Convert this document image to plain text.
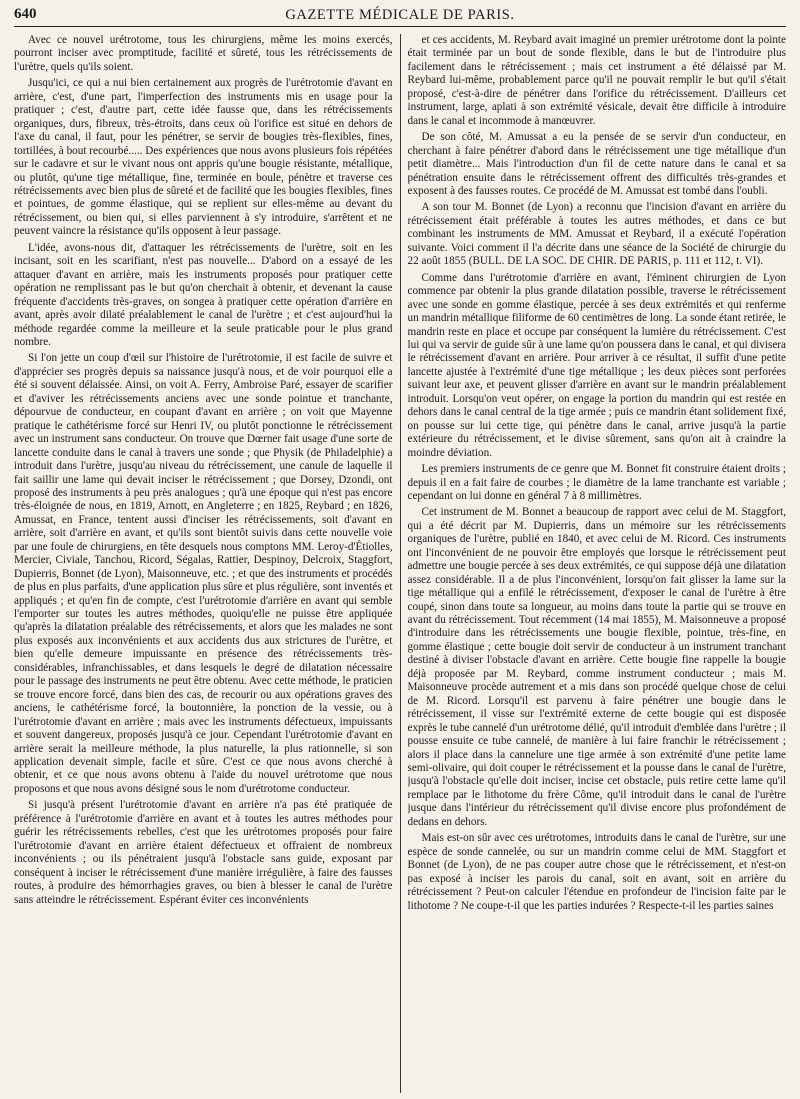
640	GAZETTE MÉDICALE DE PARIS.

Avec ce nouvel urétrotome, tous les chirurgiens, même les moins exercés, pourront inciser avec promptitude, facilité et sûreté, tous les rétrécissements de l'urètre, quels qu'ils soient.

Jusqu'ici, ce qui a nui bien certainement aux progrès de l'urétrotomie d'avant en arrière, c'est, d'une part, l'imperfection des instruments mis en usage pour la pratiquer ; c'est, d'autre part, cette idée fausse que, dans les rétrécissements organiques, durs, fibreux, très-étroits, dans ceux où l'orifice est situé en dehors de l'axe du canal, il faut, pour les pénétrer, se servir de bougies très-flexibles, fines, tortillées, à bout recourbé..... Des expériences que nous avons plusieurs fois répétées sur le cadavre et sur le vivant nous ont appris qu'une bougie résistante, métallique, ou plutôt, qu'une tige métallique, fine, terminée en boule, pénètre et traverse ces rétrécissements avec bien plus de sûreté et de facilité que les bougies flexibles, fines et pointues, de gomme élastique, qui se replient sur elles-même au devant du rétrécissement, ou bien qui, si elles parviennent à s'y introduire, s'arrêtent et ne peuvent vaincre la résistance qu'ils opposent à leur passage.

L'idée, avons-nous dit, d'attaquer les rétrécissements de l'urètre, soit en les incisant, soit en les scarifiant, n'est pas nouvelle... D'abord on a essayé de les attaquer d'avant en arrière, mais les instruments proposés pour pratiquer cette opération ne remplissant pas le but qu'on cherchait à obtenir, et devenant la cause fréquente d'accidents très-graves, on songea à pratiquer cette opération d'arrière en avant, après avoir dilaté préalablement le canal de l'urètre ; et c'est aujourd'hui la méthode regardée comme la meilleure et la seule praticable pour le plus grand nombre.

Si l'on jette un coup d'œil sur l'histoire de l'urétrotomie, il est facile de suivre et d'apprécier ses progrès depuis sa naissance jusqu'à nous, et de voir pourquoi elle a été si souvent délaissée. Ainsi, on voit A. Ferry, Ambroise Paré, essayer de scarifier et d'aviver les rétrécissements anciens avec une sonde pointue et tranchante, dépourvue de conducteur, en coupant d'avant en arrière ; on voit que Mayenne pratique le cathétérisme forcé sur Henri IV, ou plutôt ponctionne le rétrécissement avec un instrument sans conducteur. On trouve que Dœrner fait usage d'une sorte de lancette conduite dans le canal à travers une sonde ; que Physik (de Philadelphie) a introduit dans l'urètre, jusqu'au niveau du rétrécissement, une canule de laquelle il fait saillir une lame qui devait inciser le rétrécissement ; que Dorsey, Dzondi, ont proposé des instruments à peu près analogues ; qu'à une époque qui n'est pas encore très-éloignée de nous, en 1819, Arnott, en Angleterre ; en 1825, Reybard ; en 1826, Amussat, en France, tentent aussi d'inciser les rétrécissements, soit d'avant en arrière, soit d'arrière en avant, et qu'ils sont bientôt suivis dans cette nouvelle voie par une foule de chirurgiens, en tête desquels nous comptons MM. Leroy-d'Étiolles, Mercier, Civiale, Tanchou, Ricord, Ségalas, Rattier, Despinoy, Delcroix, Staggfort, Dupierris, Bonnet (de Lyon), Maisonneuve, etc. ; et que des instruments et procédés de plus en plus parfaits, d'une application plus sûre et plus régulière, sont inventés et appliqués ; et qu'en fin de compte, c'est l'urétrotomie d'arrière en avant qui semble l'emporter sur toutes les autres méthodes, quoiqu'elle ne puisse être appliquée qu'après la dilatation préalable des rétrécissements, et alors que les malades ne sont plus exposés aux inconvénients et aux accidents dus aux strictures de l'urètre, et bien qu'elle demeure impuissante en présence des rétrécissements très-considérables, infranchissables, et dans lesquels le degré de dilatation nécessaire pour le passage des instruments ne peut être obtenu. Avec cette méthode, le praticien se trouve encore forcé, dans bien des cas, de recourir ou aux opérations graves des anciens, le cathétérisme forcé, la boutonnière, la ponction de la vessie, ou à l'urétrotomie d'avant en arrière ; mais avec les instruments défectueux, impuissants et souvent dangereux, proposés jusqu'à ce jour. Cependant l'urétrotomie d'avant en arrière serait la meilleure méthode, la plus naturelle, la plus rationnelle, si son application devenait simple, facile et sûre. C'est ce que nous avons cherché à obtenir, et ce que nous avons obtenu à l'aide du nouvel urétrotome que nous proposons et que nous avons désigné sous le nom d'urétrotome conducteur.

Si jusqu'à présent l'urétrotomie d'avant en arrière n'a pas été pratiquée de préférence à l'urétrotomie d'arrière en avant et à toutes les autres méthodes pour guérir les rétrécissements rebelles, c'est que les urétrotomes proposés pour faire l'urétrotomie d'avant en arrière étaient défectueux et offraient de nombreux inconvénients ; ou ils pénétraient jusqu'à l'obstacle sans guide, exposant par conséquent à inciser le rétrécissement d'une manière irrégulière, à faire des fausses routes, à produire des hémorrhagies graves, ou bien à blesser le canal de l'urètre sans atteindre le rétrécissement. Espérant éviter ces inconvénients

et ces accidents, M. Reybard avait imaginé un premier urétrotome dont la pointe était terminée par un bout de sonde flexible, dans le but de l'introduire plus facilement dans le rétrécissement ; mais cet instrument a été délaissé par M. Reybard lui-même, probablement parce qu'il ne pouvait remplir le but qu'il s'était proposé, c'est-à-dire de pénétrer dans l'orifice du rétrécissement. D'ailleurs cet instrument, large, aplati à son extrémité vésicale, devait être difficile à introduire dans le canal et incommode à manœuvrer.

De son côté, M. Amussat a eu la pensée de se servir d'un conducteur, en cherchant à faire pénétrer d'abord dans le rétrécissement une tige métallique d'un petit diamètre... Mais l'introduction d'un fil de cette nature dans le canal et sa pénétration ensuite dans le rétrécissement offrent des difficultés très-grandes et exposent à des fausses routes. Ce procédé de M. Amussat est tombé dans l'oubli.

A son tour M. Bonnet (de Lyon) a reconnu que l'incision d'avant en arrière du rétrécissement était préférable à toutes les autres méthodes, et dans ce but combinant les instruments de MM. Amussat et Reybard, il a exécuté l'opération suivante. Voici comment il l'a décrite dans une séance de la Société de chirurgie du 22 août 1855 (BULL. DE LA SOC. DE CHIR. DE PARIS, p. 111 et 112, t. VI).

Comme dans l'urétrotomie d'arrière en avant, l'éminent chirurgien de Lyon commence par obtenir la plus grande dilatation possible, traverse le rétrécissement avec une sonde en gomme élastique, percée à ses deux extrémités et qui renferme un mandrin métallique filiforme de 60 centimètres de long. La sonde étant retirée, le mandrin reste en place et occupe par conséquent la lumière du rétrécissement. C'est lui qui va servir de guide sûr à une lame qu'on poussera dans le canal, et qui divisera le rétrécissement d'avant en arrière. Pour arriver à ce résultat, il suffit d'une petite lancette ajustée à l'extrémité d'une tige métallique ; les deux pièces sont perforées suivant leur axe, et peuvent glisser d'arrière en avant sur le mandrin préalablement introduit. Lorsqu'on veut opérer, on engage la portion du mandrin qui est restée en dehors dans le canal central de la tige armée ; puis ce mandrin étant solidement fixé, on pousse sur lui cette tige, qui pénètre dans le canal, arrive jusqu'à la partie extérieure du rétrécissement, et le divise sûrement, sans qu'on ait à craindre la moindre déviation.

Les premiers instruments de ce genre que M. Bonnet fit construire étaient droits ; depuis il en a fait faire de courbes ; le diamètre de la lame tranchante est variable ; cependant on lui donne en général 7 à 8 millimètres.

Cet instrument de M. Bonnet a beaucoup de rapport avec celui de M. Staggfort, qui a été décrit par M. Dupierris, dans un mémoire sur les rétrécissements organiques de l'urètre, publié en 1840, et avec celui de M. Ricord. Ces instruments ont l'inconvénient de ne pouvoir être employés que lorsque le rétrécissement peut admettre une bougie percée à ses deux extrémités, ce qui suppose déjà une dilatation assez considérable. Il a de plus l'inconvénient, lorsqu'on fait glisser la lame sur la tige métallique qui a enfilé le rétrécissement, d'exposer le canal de l'urètre à être coupé, sinon dans toute sa longueur, au moins dans toute la partie qui se trouve en avant du rétrécissement. Tout récemment (14 mai 1855), M. Maisonneuve a proposé d'introduire dans les rétrécissements une bougie flexible, pointue, très-fine, en gomme élastique ; cette bougie doit servir de conducteur à un instrument tranchant destiné à diviser l'obstacle d'avant en arrière. Cette bougie fine rappelle la bougie déjà proposée par M. Reybard, comme instrument conducteur ; mais M. Maisonneuve procède autrement et a mis dans son procédé quelque chose de celui de M. Ricord. Lorsqu'il est parvenu à faire pénétrer une bougie dans le rétrécissement, il visse sur l'extrémité externe de cette bougie qui est disposée exprès le tube cannelé d'un urétrotome délié, qu'il introduit d'emblée dans l'urètre ; il pousse ensuite ce tube cannelé, de manière à lui faire franchir le rétrécissement ; alors il place dans la cannelure une tige armée à son extrémité d'une petite lame semi-olivaire, qui doit couper le rétrécissement et la pousse dans le canal de l'urètre, jusqu'à l'obstacle qu'elle doit inciser, incise cet obstacle, puis retire cette lame qu'il remplace par le lithotome du frère Côme, qu'il introduit dans le canal de l'urètre jusque dans l'intérieur du rétrécissement qu'il divise encore plus profondément de dedans en dehors.

Mais est-on sûr avec ces urétrotomes, introduits dans le canal de l'urètre, sur une espèce de sonde cannelée, ou sur un mandrin comme celui de MM. Staggfort et Bonnet (de Lyon), de ne pas couper autre chose que le rétrécissement, et n'est-on pas exposé à inciser les parois du canal, soit en avant, soit en arrière du rétrécissement ? Peut-on calculer l'étendue en profondeur de l'incision faite par le lithotome ? Ne coupe-t-il que les parties indurées ? Respecte-t-il les parties saines
